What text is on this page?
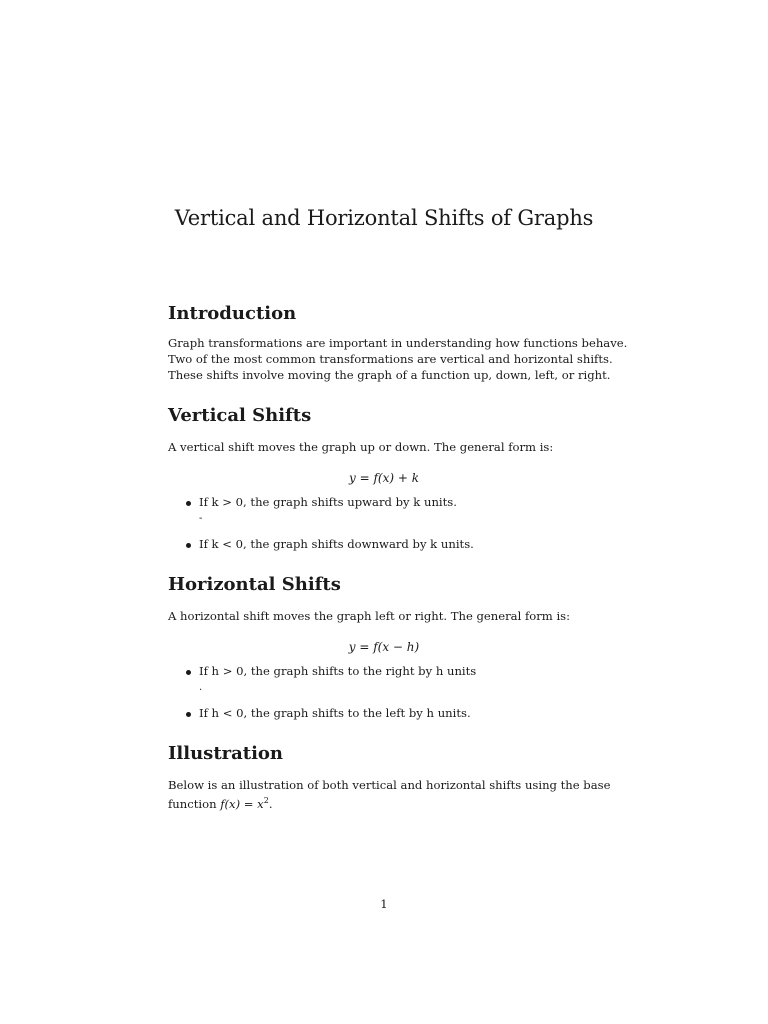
Vertical and Horizontal Shifts of Graphs
Introduction
Graph transformations are important in understanding how functions behave.
Two of the most common transformations are vertical and horizontal shifts.
These shifts involve moving the graph of a function up, down, left, or right.
Vertical Shifts

A vertical shift moves the graph up or down. The general form is:

y = f(x) + k

If k > 0, the graph shifts upward by k units.
-
If k < 0, the graph shifts downward by k units.
Horizontal Shifts

A horizontal shift moves the graph left or right. The general form is:

y = f(x − h)

If h > 0, the graph shifts to the right by h units
.
If h < 0, the graph shifts to the left by h units.
Illustration
Below is an illustration of both vertical and horizontal shifts using the base
function $f(x) = x^2$.
1
